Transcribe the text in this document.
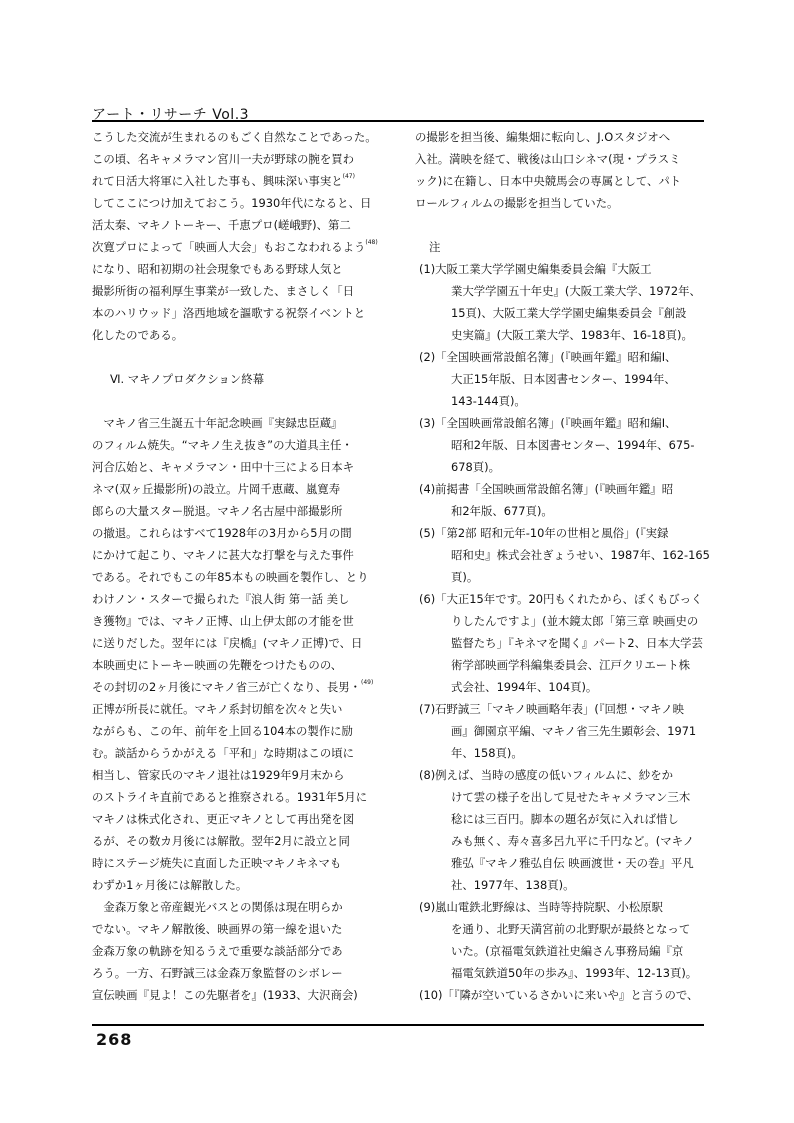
アート・リサーチ Vol.3
こうした交流が生まれるのもごく自然なことであった。
この頃、名キャメラマン宮川一夫が野球の腕を買わ
れて日活大将軍に入社した事も、興味深い事実と$^{(47)}$
してここにつけ加えておこう。1930年代になると、日
活太秦、マキノトーキー、千恵プロ(嵯峨野)、第二
次寛プロによって「映画人大会」もおこなわれるよう$^{(48)}$
になり、昭和初期の社会現象でもある野球人気と
撮影所街の福利厚生事業が一致した、まさしく「日
本のハリウッド」洛西地域を謳歌する祝祭イベントと
化したのである。
Ⅵ. マキノプロダクション終幕
　マキノ省三生誕五十年記念映画『実録忠臣蔵』
のフィルム焼失。“マキノ生え抜き”の大道具主任・
河合広始と、キャメラマン・田中十三による日本キ
ネマ(双ヶ丘撮影所)の設立。片岡千恵蔵、嵐寛寿
郎らの大量スター脱退。マキノ名古屋中部撮影所
の撤退。これらはすべて1928年の3月から5月の間
にかけて起こり、マキノに甚大な打撃を与えた事件
である。それでもこの年85本もの映画を製作し、とり
わけノン・スターで撮られた『浪人街 第一話 美し
き獲物』では、マキノ正博、山上伊太郎の才能を世
に送りだした。翌年には『戻橋』(マキノ正博)で、日
本映画史にトーキー映画の先鞭をつけたものの、
その封切の2ヶ月後にマキノ省三が亡くなり、長男・$^{(49)}$
正博が所長に就任。マキノ系封切館を次々と失い
ながらも、この年、前年を上回る104本の製作に励
む。談話からうかがえる「平和」な時期はこの頃に
相当し、管家氏のマキノ退社は1929年9月末から
のストライキ直前であると推察される。1931年5月に
マキノは株式化され、更正マキノとして再出発を図
るが、その数カ月後には解散。翌年2月に設立と同
時にステージ焼失に直面した正映マキノキネマも
わずか1ヶ月後には解散した。
　金森万象と帝産観光バスとの関係は現在明らか
でない。マキノ解散後、映画界の第一線を退いた
金森万象の軌跡を知るうえで重要な談話部分であ
ろう。一方、石野誠三は金森万象監督のシボレー
宣伝映画『見よ！この先駆者を』(1933、大沢商会)
の撮影を担当後、編集畑に転向し、J.Oスタジオへ
入社。満映を経て、戦後は山口シネマ(現・プラスミ
ック)に在籍し、日本中央競馬会の専属として、パト
ロールフィルムの撮影を担当していた。
注
(1)大阪工業大学学園史編集委員会編『大阪工
業大学学園五十年史』(大阪工業大学、1972年、
15頁)、大阪工業大学学園史編集委員会『創設
史実篇』(大阪工業大学、1983年、16-18頁)。
(2)「全国映画常設館名簿」(『映画年鑑』昭和編Ⅰ、
大正15年版、日本図書センター、1994年、
143-144頁)。
(3)「全国映画常設館名簿」(『映画年鑑』昭和編Ⅰ、
昭和2年版、日本図書センター、1994年、675-
678頁)。
(4)前掲書「全国映画常設館名簿」(『映画年鑑』昭
和2年版、677頁)。
(5)「第2部 昭和元年-10年の世相と風俗」(『実録
昭和史』株式会社ぎょうせい、1987年、162-165
頁)。
(6)「大正15年です。20円もくれたから、ぼくもびっく
りしたんですよ」(並木鏡太郎「第三章 映画史の
監督たち」『キネマを聞く』パート2、日本大学芸
術学部映画学科編集委員会、江戸クリエート株
式会社、1994年、104頁)。
(7)石野誠三「マキノ映画略年表」(『回想・マキノ映
画』御園京平編、マキノ省三先生顕彰会、1971
年、158頁)。
(8)例えば、当時の感度の低いフィルムに、紗をか
けて雲の様子を出して見せたキャメラマン三木
稔には三百円。脚本の題名が気に入れば惜し
みも無く、寿々喜多呂九平に千円など。(マキノ
雅弘『マキノ雅弘自伝 映画渡世・天の巻』平凡
社、1977年、138頁)。
(9)嵐山電鉄北野線は、当時等持院駅、小松原駅
を通り、北野天満宮前の北野駅が最終となって
いた。(京福電気鉄道社史編さん事務局編『京
福電気鉄道50年の歩み』、1993年、12-13頁)。
(10)「『隣が空いているさかいに来いや』と言うので、
268
